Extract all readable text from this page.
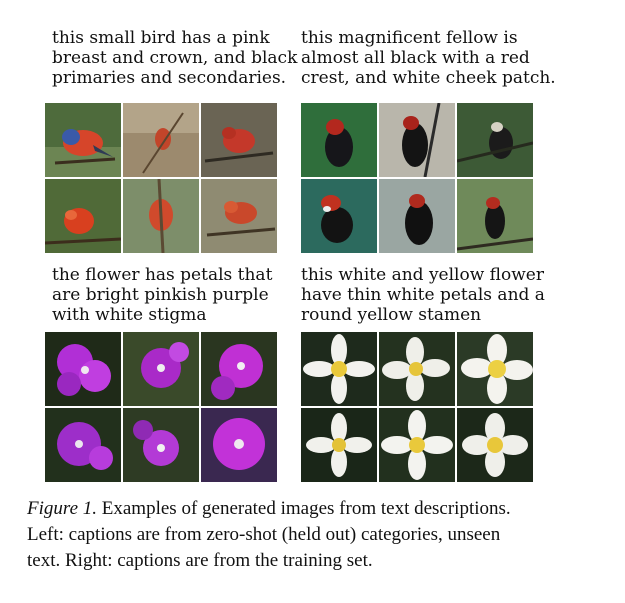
this small bird has a pink
breast and crown, and black
primaries and secondaries.
this magnificent fellow is
almost all black with a red
crest, and white cheek patch.
the flower has petals that
are bright pinkish purple
with white stigma
this white and yellow flower
have thin white petals and a
round yellow stamen
Figure 1. Examples of generated images from text descriptions.
Left: captions are from zero-shot (held out) categories, unseen
text. Right: captions are from the training set.
